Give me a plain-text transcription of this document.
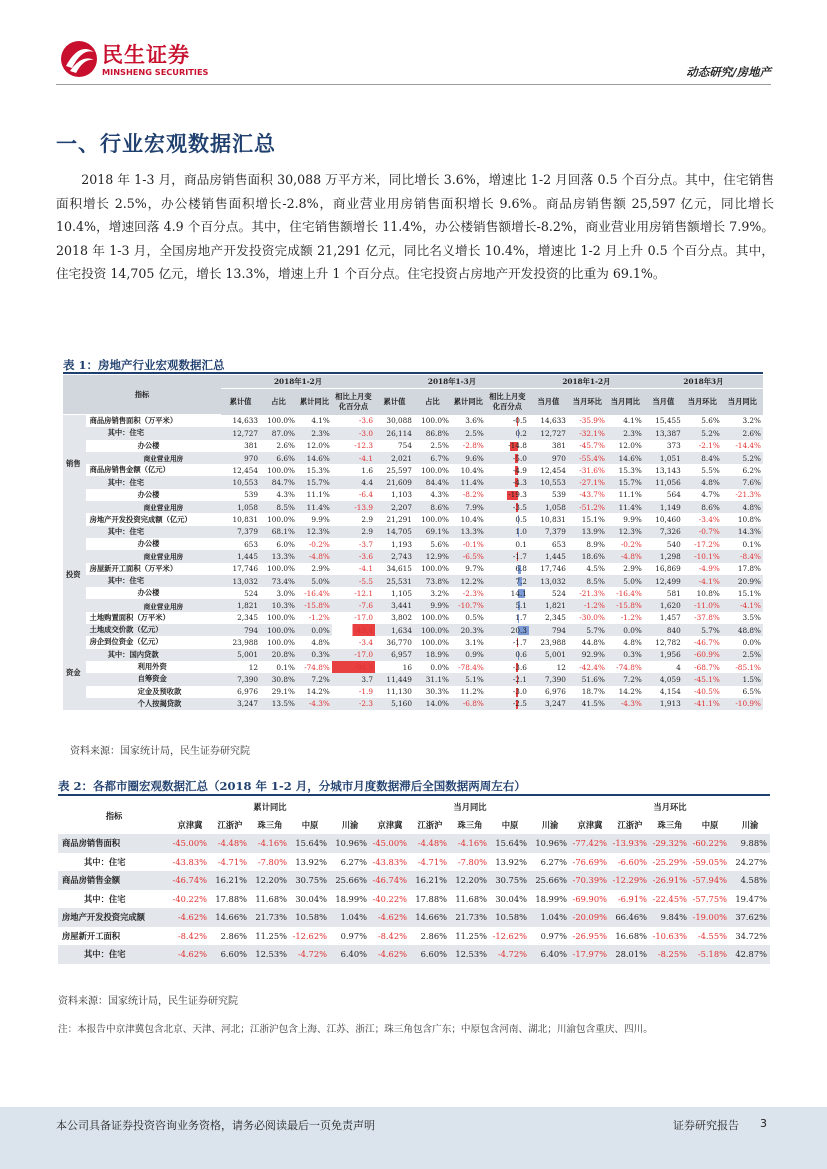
民生证券
MINSHENG SECURITIES	动态研究/房地产
一、行业宏观数据汇总

2018 年 1-3 月，商品房销售面积 30,088 万平方米，同比增长 3.6%，增速比 1-2 月回落 0.5 个百分点。其中，住宅销售面积增长 2.5%，办公楼销售面积增长-2.8%，商业营业用房销售面积增长 9.6%。商品房销售额 25,597 亿元，同比增长 10.4%，增速回落 4.9 个百分点。其中，住宅销售额增长 11.4%，办公楼销售额增长-8.2%，商业营业用房销售额增长 7.9%。2018 年 1-3 月，全国房地产开发投资完成额 21,291 亿元，同比名义增长 10.4%，增速比 1-2 月上升 0.5 个百分点。其中，住宅投资 14,705 亿元，增长 13.3%，增速上升 1 个百分点。住宅投资占房地产开发投资的比重为 69.1%。

表 1：房地产行业宏观数据汇总
指标		2018年1-2月				2018年1-3月				2018年1-2月			2018年3月		
		累计值	占比	累计同比	相比上月变化百分点	累计值	占比	累计同比	相比上月变化百分点	当月值	当月环比	当月同比	当月值	当月环比	当月同比
销售	商品房销售面积（万平米）	14,633	100.0%	4.1%	-3.6	30,088	100.0%	3.6%	-0.5	14,633	-35.9%	4.1%	15,455	5.6%	3.2%
	其中：住宅	12,727	87.0%	2.3%	-3.0	26,114	86.8%	2.5%	0.2	12,727	-32.1%	2.3%	13,387	5.2%	2.6%
	办公楼	381	2.6%	12.0%	-12.3	754	2.5%	-2.8%	-14.8	381	-45.7%	12.0%	373	-2.1%	-14.4%
	商业营业用房	970	6.6%	14.6%	-4.1	2,021	6.7%	9.6%	-5.0	970	-55.4%	14.6%	1,051	8.4%	5.2%
	商品房销售金额（亿元）	12,454	100.0%	15.3%	1.6	25,597	100.0%	10.4%	-4.9	12,454	-31.6%	15.3%	13,143	5.5%	6.2%
	其中：住宅	10,553	84.7%	15.7%	4.4	21,609	84.4%	11.4%	-4.3	10,553	-27.1%	15.7%	11,056	4.8%	7.6%
	办公楼	539	4.3%	11.1%	-6.4	1,103	4.3%	-8.2%	-19.3	539	-43.7%	11.1%	564	4.7%	-21.3%
	商业营业用房	1,058	8.5%	11.4%	-13.9	2,207	8.6%	7.9%	-3.5	1,058	-51.2%	11.4%	1,149	8.6%	4.8%
投资	房地产开发投资完成额（亿元）	10,831	100.0%	9.9%	2.9	21,291	100.0%	10.4%	0.5	10,831	15.1%	9.9%	10,460	-3.4%	10.8%
	其中：住宅	7,379	68.1%	12.3%	2.9	14,705	69.1%	13.3%	1.0	7,379	13.9%	12.3%	7,326	-0.7%	14.3%
	办公楼	653	6.0%	-0.2%	-3.7	1,193	5.6%	-0.1%	0.1	653	8.9%	-0.2%	540	-17.2%	0.1%
	商业营业用房	1,445	13.3%	-4.8%	-3.6	2,743	12.9%	-6.5%	-1.7	1,445	18.6%	-4.8%	1,298	-10.1%	-8.4%
	房屋新开工面积（万平米）	17,746	100.0%	2.9%	-4.1	34,615	100.0%	9.7%	6.8	17,746	4.5%	2.9%	16,869	-4.9%	17.8%
	其中：住宅	13,032	73.4%	5.0%	-5.5	25,531	73.8%	12.2%	7.2	13,032	8.5%	5.0%	12,499	-4.1%	20.9%
	办公楼	524	3.0%	-16.4%	-12.1	1,105	3.2%	-2.3%	14.1	524	-21.3%	-16.4%	581	10.8%	15.1%
	商业营业用房	1,821	10.3%	-15.8%	-7.6	3,441	9.9%	-10.7%	5.1	1,821	-1.2%	-15.8%	1,620	-11.0%	-4.1%
	土地购置面积（万平米）	2,345	100.0%	-1.2%	-17.0	3,802	100.0%	0.5%	1.7	2,345	-30.0%	-1.2%	1,457	-37.8%	3.5%
	土地成交价款（亿元）	794	100.0%	0.0%	-49.4	1,634	100.0%	20.3%	20.3	794	5.7%	0.0%	840	5.7%	48.8%
资金	房企到位资金（亿元）	23,988	100.0%	4.8%	-3.4	36,770	100.0%	3.1%	-1.7	23,988	44.8%	4.8%	12,782	-46.7%	0.0%
	其中：国内贷款	5,001	20.8%	0.3%	-17.0	6,957	18.9%	0.9%	0.6	5,001	92.9%	0.3%	1,956	-60.9%	2.5%
	利用外资	12	0.1%	-74.8%	-94.9	16	0.0%	-78.4%	-3.6	12	-42.4%	-74.8%	4	-68.7%	-85.1%
	自筹资金	7,390	30.8%	7.2%	3.7	11,449	31.1%	5.1%	-2.1	7,390	51.6%	7.2%	4,059	-45.1%	1.5%
	定金及预收款	6,976	29.1%	14.2%	-1.9	11,130	30.3%	11.2%	-3.0	6,976	18.7%	14.2%	4,154	-40.5%	6.5%
	个人按揭贷款	3,247	13.5%	-4.3%	-2.3	5,160	14.0%	-6.8%	-2.5	3,247	41.5%	-4.3%	1,913	-41.1%	-10.9%
资料来源：国家统计局，民生证券研究院
表 2：各都市圈宏观数据汇总（2018 年 1-2 月，分城市月度数据滞后全国数据两周左右）
指标	累计同比					当月同比					当月环比				
	京津冀	江浙沪	珠三角	中原	川渝	京津冀	江浙沪	珠三角	中原	川渝	京津冀	江浙沪	珠三角	中原	川渝
商品房销售面积	-45.00%	-4.48%	-4.16%	15.64%	10.96%	-45.00%	-4.48%	-4.16%	15.64%	10.96%	-77.42%	-13.93%	-29.32%	-60.22%	9.88%
其中：住宅	-43.83%	-4.71%	-7.80%	13.92%	6.27%	-43.83%	-4.71%	-7.80%	13.92%	6.27%	-76.69%	-6.60%	-25.29%	-59.05%	24.27%
商品房销售金额	-46.74%	16.21%	12.20%	30.75%	25.66%	-46.74%	16.21%	12.20%	30.75%	25.66%	-70.39%	-12.29%	-26.91%	-57.94%	4.58%
其中：住宅	-40.22%	17.88%	11.68%	30.04%	18.99%	-40.22%	17.88%	11.68%	30.04%	18.99%	-69.90%	-6.91%	-22.45%	-57.75%	19.47%
房地产开发投资完成额	-4.62%	14.66%	21.73%	10.58%	1.04%	-4.62%	14.66%	21.73%	10.58%	1.04%	-20.09%	66.46%	9.84%	-19.00%	37.62%
房屋新开工面积	-8.42%	2.86%	11.25%	-12.62%	0.97%	-8.42%	2.86%	11.25%	-12.62%	0.97%	-26.95%	16.68%	-10.63%	-4.55%	34.72%
其中：住宅	-4.62%	6.60%	12.53%	-4.72%	6.40%	-4.62%	6.60%	12.53%	-4.72%	6.40%	-17.97%	28.01%	-8.25%	-5.18%	42.87%
资料来源：国家统计局，民生证券研究院
注：本报告中京津冀包含北京、天津、河北；江浙沪包含上海、江苏、浙江；珠三角包含广东；中原包含河南、湖北；川渝包含重庆、四川。
本公司具备证券投资咨询业务资格，请务必阅读最后一页免责声明	证券研究报告 3
